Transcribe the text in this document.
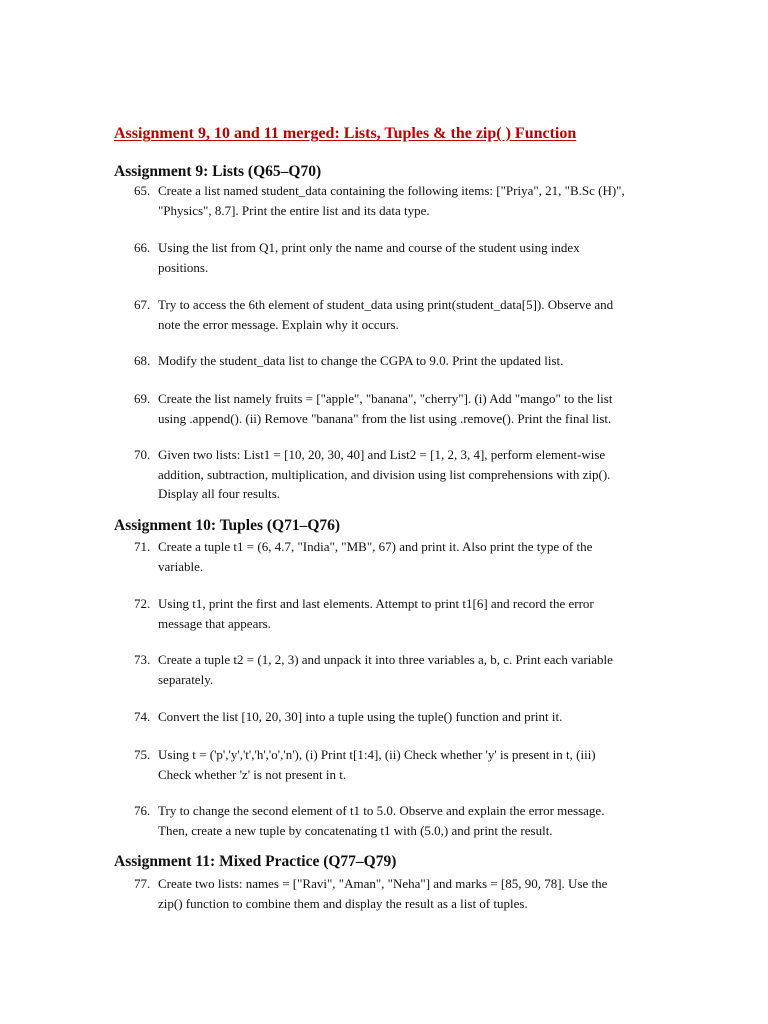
Assignment 9, 10 and 11 merged: Lists, Tuples & the zip( ) Function
Assignment 9: Lists (Q65–Q70)
65. Create a list named student_data containing the following items: ["Priya", 21, "B.Sc (H)",
"Physics", 8.7]. Print the entire list and its data type.
66. Using the list from Q1, print only the name and course of the student using index
positions.
67. Try to access the 6th element of student_data using print(student_data[5]). Observe and
note the error message. Explain why it occurs.
68. Modify the student_data list to change the CGPA to 9.0. Print the updated list.
69. Create the list namely fruits = ["apple", "banana", "cherry"]. (i) Add "mango" to the list
using .append(). (ii) Remove "banana" from the list using .remove(). Print the final list.
70. Given two lists: List1 = [10, 20, 30, 40] and List2 = [1, 2, 3, 4], perform element-wise
addition, subtraction, multiplication, and division using list comprehensions with zip().
Display all four results.
Assignment 10: Tuples (Q71–Q76)
71. Create a tuple t1 = (6, 4.7, "India", "MB", 67) and print it. Also print the type of the
variable.
72. Using t1, print the first and last elements. Attempt to print t1[6] and record the error
message that appears.
73. Create a tuple t2 = (1, 2, 3) and unpack it into three variables a, b, c. Print each variable
separately.
74. Convert the list [10, 20, 30] into a tuple using the tuple() function and print it.
75. Using t = ('p','y','t','h','o','n'), (i) Print t[1:4], (ii) Check whether 'y' is present in t, (iii)
Check whether 'z' is not present in t.
76. Try to change the second element of t1 to 5.0. Observe and explain the error message.
Then, create a new tuple by concatenating t1 with (5.0,) and print the result.
Assignment 11: Mixed Practice (Q77–Q79)
77. Create two lists: names = ["Ravi", "Aman", "Neha"] and marks = [85, 90, 78]. Use the
zip() function to combine them and display the result as a list of tuples.
